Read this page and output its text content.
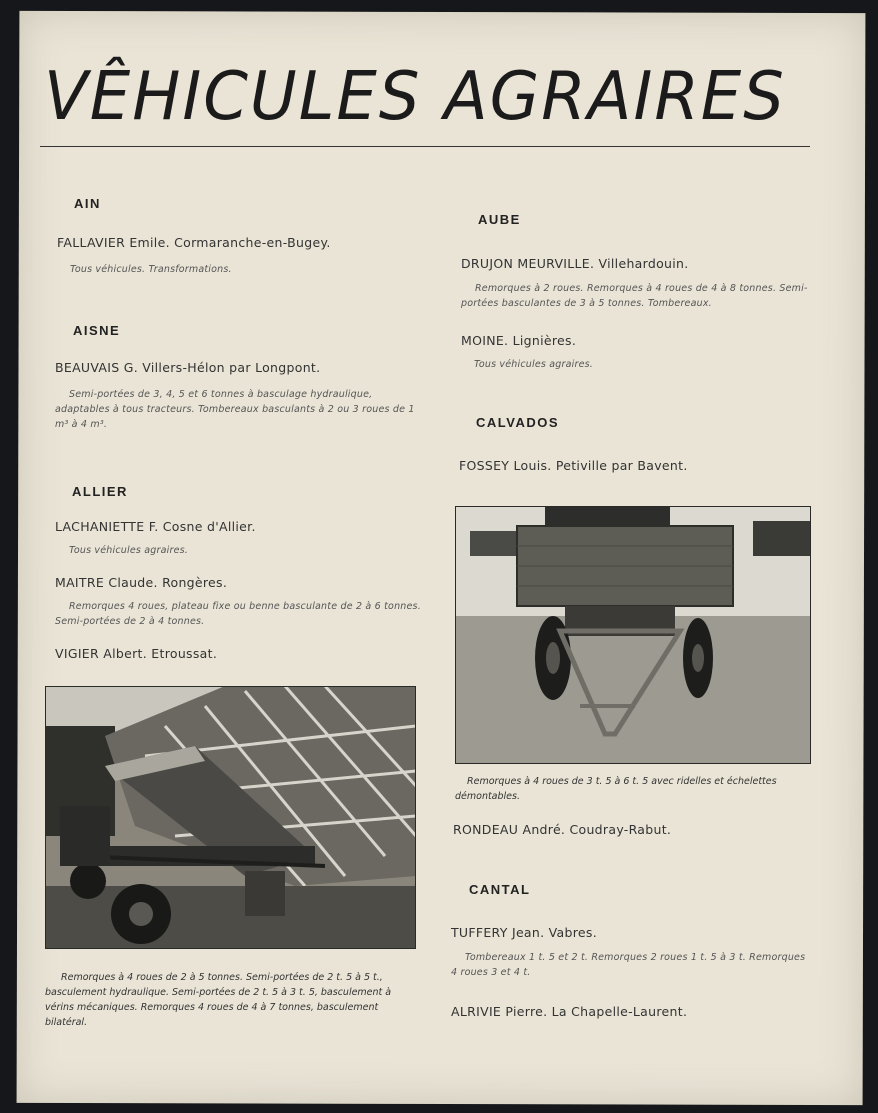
VÊHICULES AGRAIRES
AIN
FALLAVIER Emile. Cormaranche-en-Bugey.
Tous véhicules. Transformations.
AISNE
BEAUVAIS G. Villers-Hélon par Longpont.
Semi-portées de 3, 4, 5 et 6 tonnes à basculage hydraulique, adaptables à tous tracteurs. Tombereaux basculants à 2 ou 3 roues de 1 m³ à 4 m³.
ALLIER
LACHANIETTE F. Cosne d'Allier.
Tous véhicules agraires.
MAITRE Claude. Rongères.
Remorques 4 roues, plateau fixe ou benne basculante de 2 à 6 tonnes. Semi-portées de 2 à 4 tonnes.
VIGIER Albert. Etroussat.
Remorques à 4 roues de 2 à 5 tonnes. Semi-portées de 2 t. 5 à 5 t., basculement hydraulique. Semi-portées de 2 t. 5 à 3 t. 5, basculement à vérins mécaniques. Remorques 4 roues de 4 à 7 tonnes, basculement bilatéral.
AUBE
DRUJON MEURVILLE. Villehardouin.
Remorques à 2 roues. Remorques à 4 roues de 4 à 8 tonnes. Semi-portées basculantes de 3 à 5 tonnes. Tombereaux.
MOINE. Lignières.
Tous véhicules agraires.
CALVADOS
FOSSEY Louis. Petiville par Bavent.
Remorques à 4 roues de 3 t. 5 à 6 t. 5 avec ridelles et échelettes démontables.
RONDEAU André. Coudray-Rabut.
CANTAL
TUFFERY Jean. Vabres.
Tombereaux 1 t. 5 et 2 t. Remorques 2 roues 1 t. 5 à 3 t. Remorques 4 roues 3 et 4 t.
ALRIVIE Pierre. La Chapelle-Laurent.
